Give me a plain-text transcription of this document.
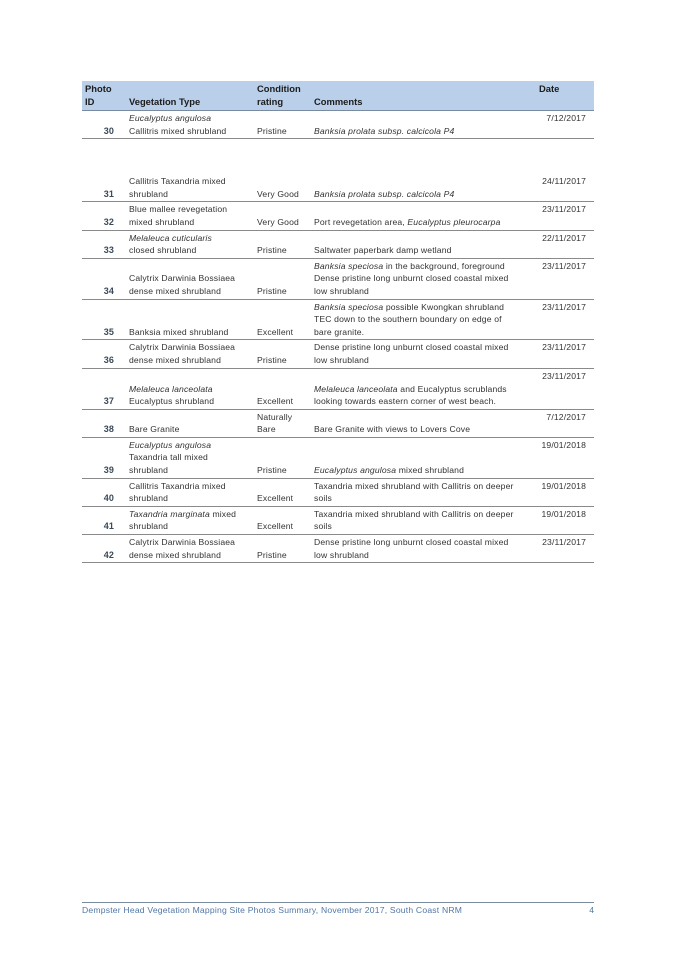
Photo
ID	Vegetation Type	Condition
rating	Comments	Date
30	Eucalyptus angulosa
Callitris mixed shrubland	Pristine	Banksia prolata subsp. calcicola P4	7/12/2017
31	Callitris Taxandria mixed
shrubland	Very Good	Banksia prolata subsp. calcicola P4	24/11/2017
32	Blue mallee revegetation
mixed shrubland	Very Good	Port revegetation area, Eucalyptus pleurocarpa	23/11/2017
33	Melaleuca cuticularis
closed shrubland	Pristine	Saltwater paperbark damp wetland	22/11/2017
34	Calytrix Darwinia Bossiaea
dense mixed shrubland	Pristine	Banksia speciosa in the background, foreground
Dense pristine long unburnt closed coastal mixed
low shrubland	23/11/2017
35	Banksia mixed shrubland	Excellent	Banksia speciosa possible Kwongkan shrubland
TEC down to the southern boundary on edge of
bare granite.	23/11/2017
36	Calytrix Darwinia Bossiaea
dense mixed shrubland	Pristine	Dense pristine long unburnt closed coastal mixed
low shrubland	23/11/2017
37	Melaleuca lanceolata
Eucalyptus shrubland	Excellent	Melaleuca lanceolata and Eucalyptus scrublands
looking towards eastern corner of west beach.	23/11/2017
38	Bare Granite	Naturally
Bare	Bare Granite with views to Lovers Cove	7/12/2017
39	Eucalyptus angulosa
Taxandria tall mixed
shrubland	Pristine	Eucalyptus angulosa mixed shrubland	19/01/2018
40	Callitris Taxandria mixed
shrubland	Excellent	Taxandria mixed shrubland with Callitris on deeper
soils	19/01/2018
41	Taxandria marginata mixed
shrubland	Excellent	Taxandria mixed shrubland with Callitris on deeper
soils	19/01/2018
42	Calytrix Darwinia Bossiaea
dense mixed shrubland	Pristine	Dense pristine long unburnt closed coastal mixed
low shrubland	23/11/2017
Dempster Head Vegetation Mapping Site Photos Summary, November 2017, South Coast NRM	4
